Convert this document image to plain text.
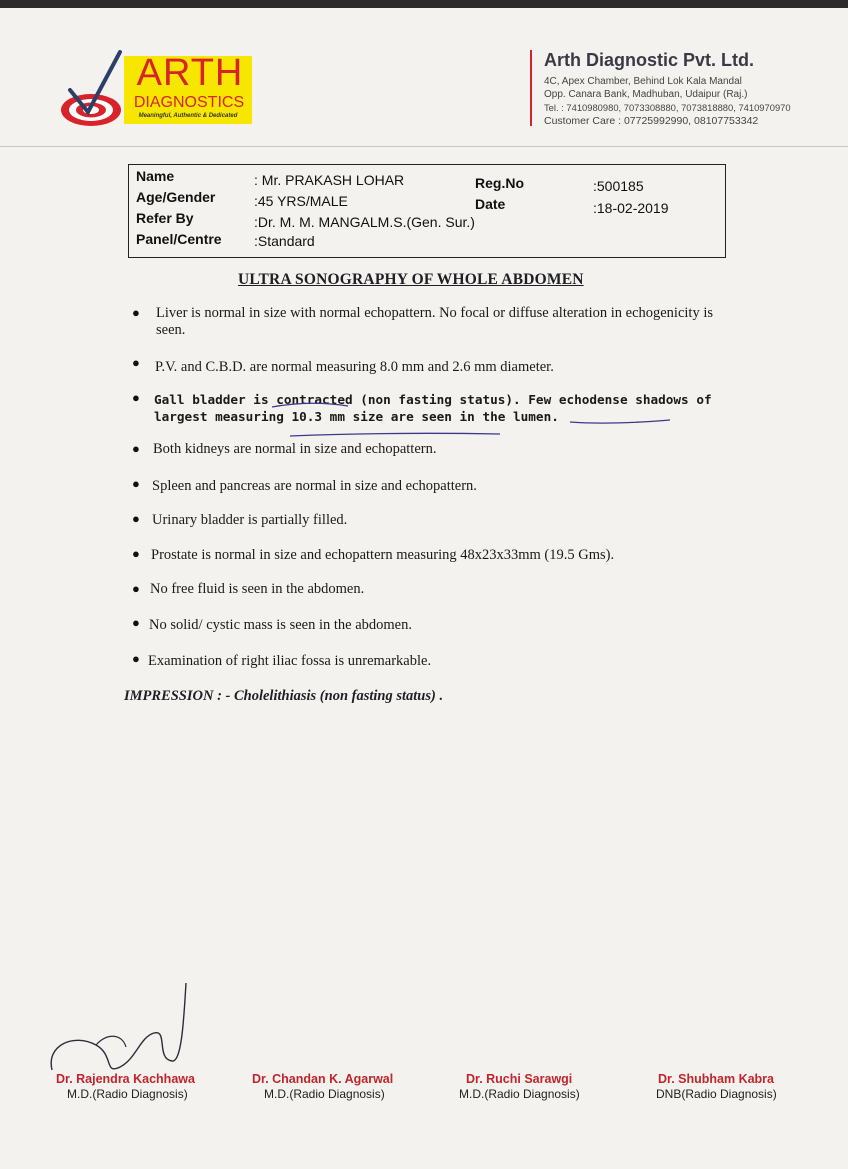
ARTH
DIAGNOSTICS
Meaningful, Authentic & Dedicated
Arth Diagnostic Pvt. Ltd.
4C, Apex Chamber, Behind Lok Kala Mandal
Opp. Canara Bank, Madhuban, Udaipur (Raj.)
Tel. : 7410980980, 7073308880, 7073818880, 7410970970
Customer Care : 07725992990, 08107753342
Name	: Mr. PRAKASH LOHAR
Age/Gender	:45 YRS/MALE
Refer By	:Dr. M. M. MANGALM.S.(Gen. Sur.)
Panel/Centre :Standard
Reg.No	:500185
Date	:18-02-2019
ULTRA SONOGRAPHY OF WHOLE ABDOMEN
● Liver is normal in size with normal echopattern. No focal or diffuse alteration in echogenicity is seen.
● P.V. and C.B.D. are normal measuring 8.0 mm and 2.6 mm diameter.
● Gall bladder is contracted (non fasting status). Few echodense shadows of largest measuring 10.3 mm size are seen in the lumen.
● Both kidneys are normal in size and echopattern.
● Spleen and pancreas are normal in size and echopattern.
● Urinary bladder is partially filled.
● Prostate is normal in size and echopattern measuring 48x23x33mm (19.5 Gms).
● No free fluid is seen in the abdomen.
● No solid/ cystic mass is seen in the abdomen.
● Examination of right iliac fossa is unremarkable.
IMPRESSION : - Cholelithiasis (non fasting status) .
Dr. Rajendra Kachhawa
M.D.(Radio Diagnosis)
Dr. Chandan K. Agarwal
M.D.(Radio Diagnosis)
Dr. Ruchi Sarawgi
M.D.(Radio Diagnosis)
Dr. Shubham Kabra
DNB(Radio Diagnosis)
